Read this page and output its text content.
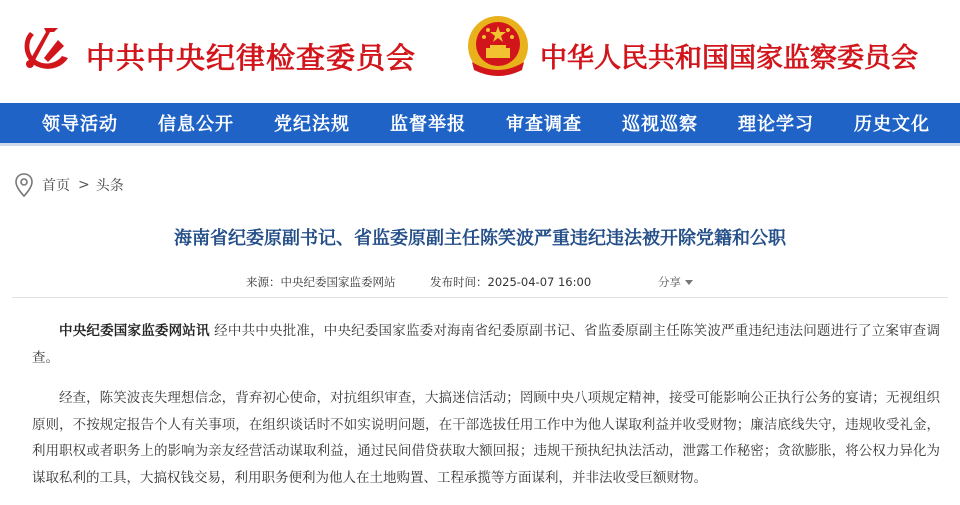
中共中央纪律检查委员会	中华人民共和国国家监察委员会
领导活动	信息公开	党纪法规	监督举报	审查调查	巡视巡察	理论学习	历史文化
首页 > 头条
海南省纪委原副书记、省监委原副主任陈笑波严重违纪违法被开除党籍和公职
来源：中央纪委国家监委网站	发布时间：2025-04-07 16:00	分享

中央纪委国家监委网站讯 经中共中央批准，中央纪委国家监委对海南省纪委原副书记、省监委原副主任陈笑波严重违纪违法问题进行了立案审查调查。

经查，陈笑波丧失理想信念，背弃初心使命，对抗组织审查，大搞迷信活动；罔顾中央八项规定精神，接受可能影响公正执行公务的宴请；无视组织原则，不按规定报告个人有关事项，在组织谈话时不如实说明问题，在干部选拔任用工作中为他人谋取利益并收受财物；廉洁底线失守，违规收受礼金，利用职权或者职务上的影响为亲友经营活动谋取利益，通过民间借贷获取大额回报；违规干预执纪执法活动，泄露工作秘密；贪欲膨胀，将公权力异化为谋取私利的工具，大搞权钱交易，利用职务便利为他人在土地购置、工程承揽等方面谋利，并非法收受巨额财物。
